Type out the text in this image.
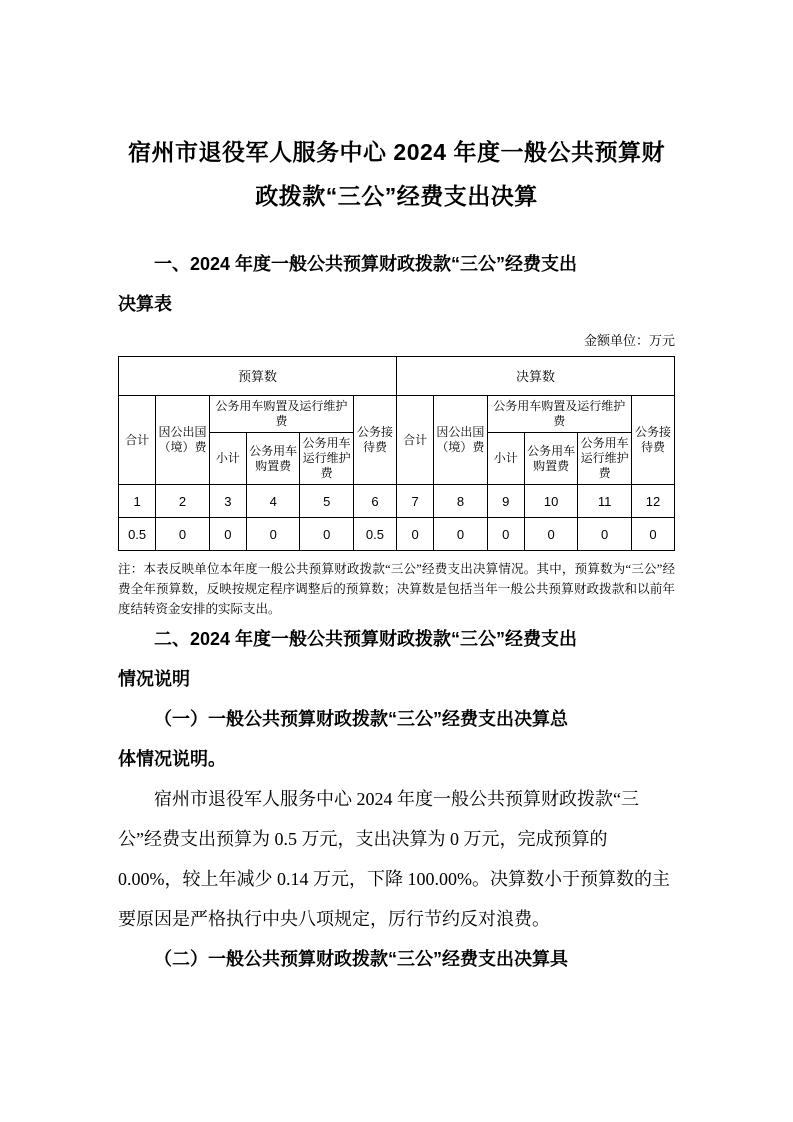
宿州市退役军人服务中心 2024 年度一般公共预算财政拨款“三公”经费支出决算

一、2024 年度一般公共预算财政拨款“三公”经费支出

决算表

金额单位：万元

预算数						决算数					
合计	因公出国（境）费	公务用车购置及运行维护费			公务接待费	合计	因公出国（境）费	公务用车购置及运行维护费			公务接待费
		小计	公务用车购置费	公务用车运行维护费				小计	公务用车购置费	公务用车运行维护费	
1	2	3	4	5	6	7	8	9	10	11	12
0.5	0	0	0	0	0.5	0	0	0	0	0	0

注：本表反映单位本年度一般公共预算财政拨款“三公”经费支出决算情况。其中，预算数为“三公”经费全年预算数，反映按规定程序调整后的预算数；决算数是包括当年一般公共预算财政拨款和以前年度结转资金安排的实际支出。

二、2024 年度一般公共预算财政拨款“三公”经费支出

情况说明

（一）一般公共预算财政拨款“三公”经费支出决算总

体情况说明。

宿州市退役军人服务中心 2024 年度一般公共预算财政拨款“三公”经费支出预算为 0.5 万元，支出决算为 0 万元，完成预算的 0.00%，较上年减少 0.14 万元，下降 100.00%。决算数小于预算数的主要原因是严格执行中央八项规定，厉行节约反对浪费。

（二）一般公共预算财政拨款“三公”经费支出决算具
